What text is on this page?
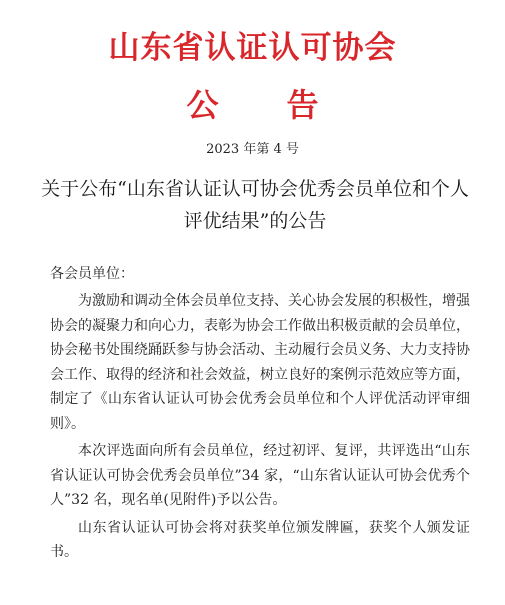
山东省认证认可协会
公告
2023 年第 4 号
关于公布“山东省认证认可协会优秀会员单位和个人评优结果”的公告
各会员单位：

为激励和调动全体会员单位支持、关心协会发展的积极性，增强协会的凝聚力和向心力，表彰为协会工作做出积极贡献的会员单位，协会秘书处围绕踊跃参与协会活动、主动履行会员义务、大力支持协会工作、取得的经济和社会效益，树立良好的案例示范效应等方面，制定了《山东省认证认可协会优秀会员单位和个人评优活动评审细则》。

本次评选面向所有会员单位，经过初评、复评，共评选出“山东省认证认可协会优秀会员单位”34 家，“山东省认证认可协会优秀个人”32 名，现名单(见附件)予以公告。

山东省认证认可协会将对获奖单位颁发牌匾，获奖个人颁发证书。
